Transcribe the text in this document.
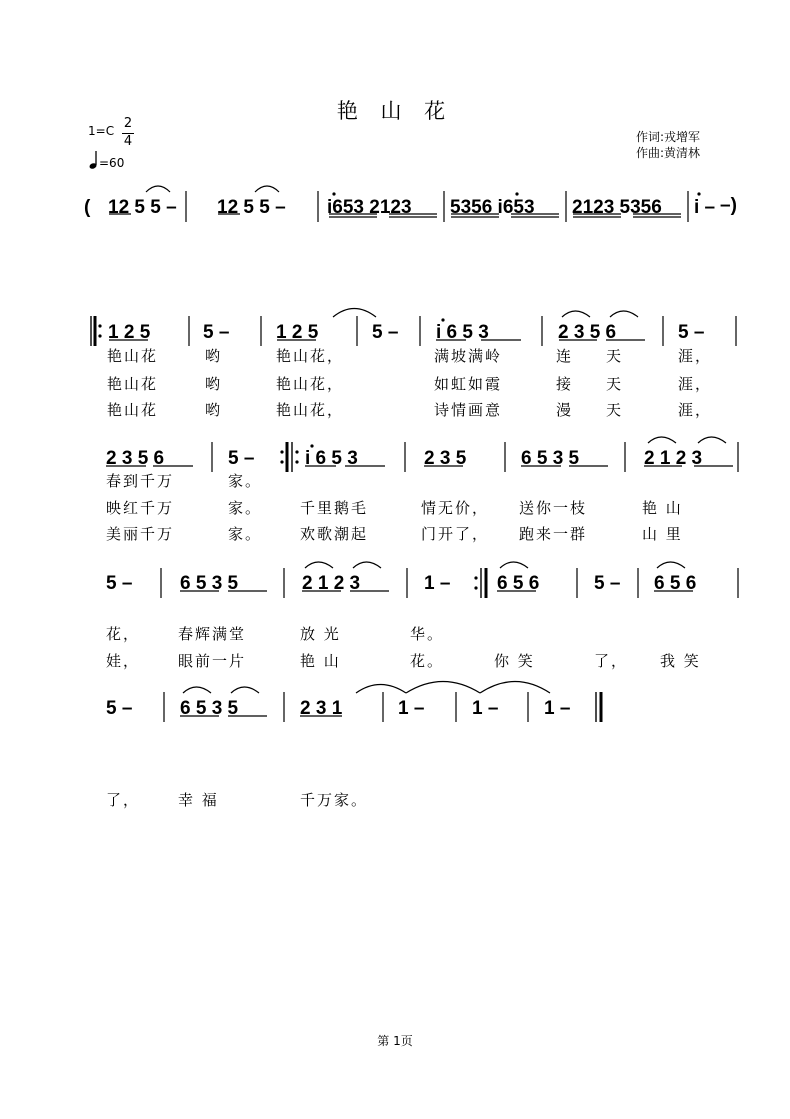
艳 山 花
1=C 2
4
=60
作词:戎增军
作曲:黄清林
( 12 5 5 – 12 5 5 – i653 2123 5356 i653 2123 5356 i –
1 2 5	5 – 1 2 5	5 – i 6 5 3	2 3 5 6	5 –
2 3 5 6	5 –	i 6 5 3	2 3 5	6 5 3 5	2 1 2 3
5 –	6 5 3 5	2 1 2 3	1 – 6 5 6	5 – 6 5 6
5 –	6 5 3 5	2 3 1	1 –	1 – 1 –
–)
艳山花	哟	艳山花，	满坡满岭	连 天	涯，
艳山花	哟	艳山花，	如虹如霞	接 天	涯，
艳山花	哟	艳山花，	诗情画意	漫 天	涯，
春到千万	家。
映红千万	家。	千里鹅毛	情无价， 送你一枝	艳 山
美丽千万	家。	欢歌潮起	门开了， 跑来一群	山 里
花，	春辉满堂	放 光	华。
娃，	眼前一片	艳 山	花。	你 笑	了， 我 笑
了，	幸 福	千万家。
第 1页
